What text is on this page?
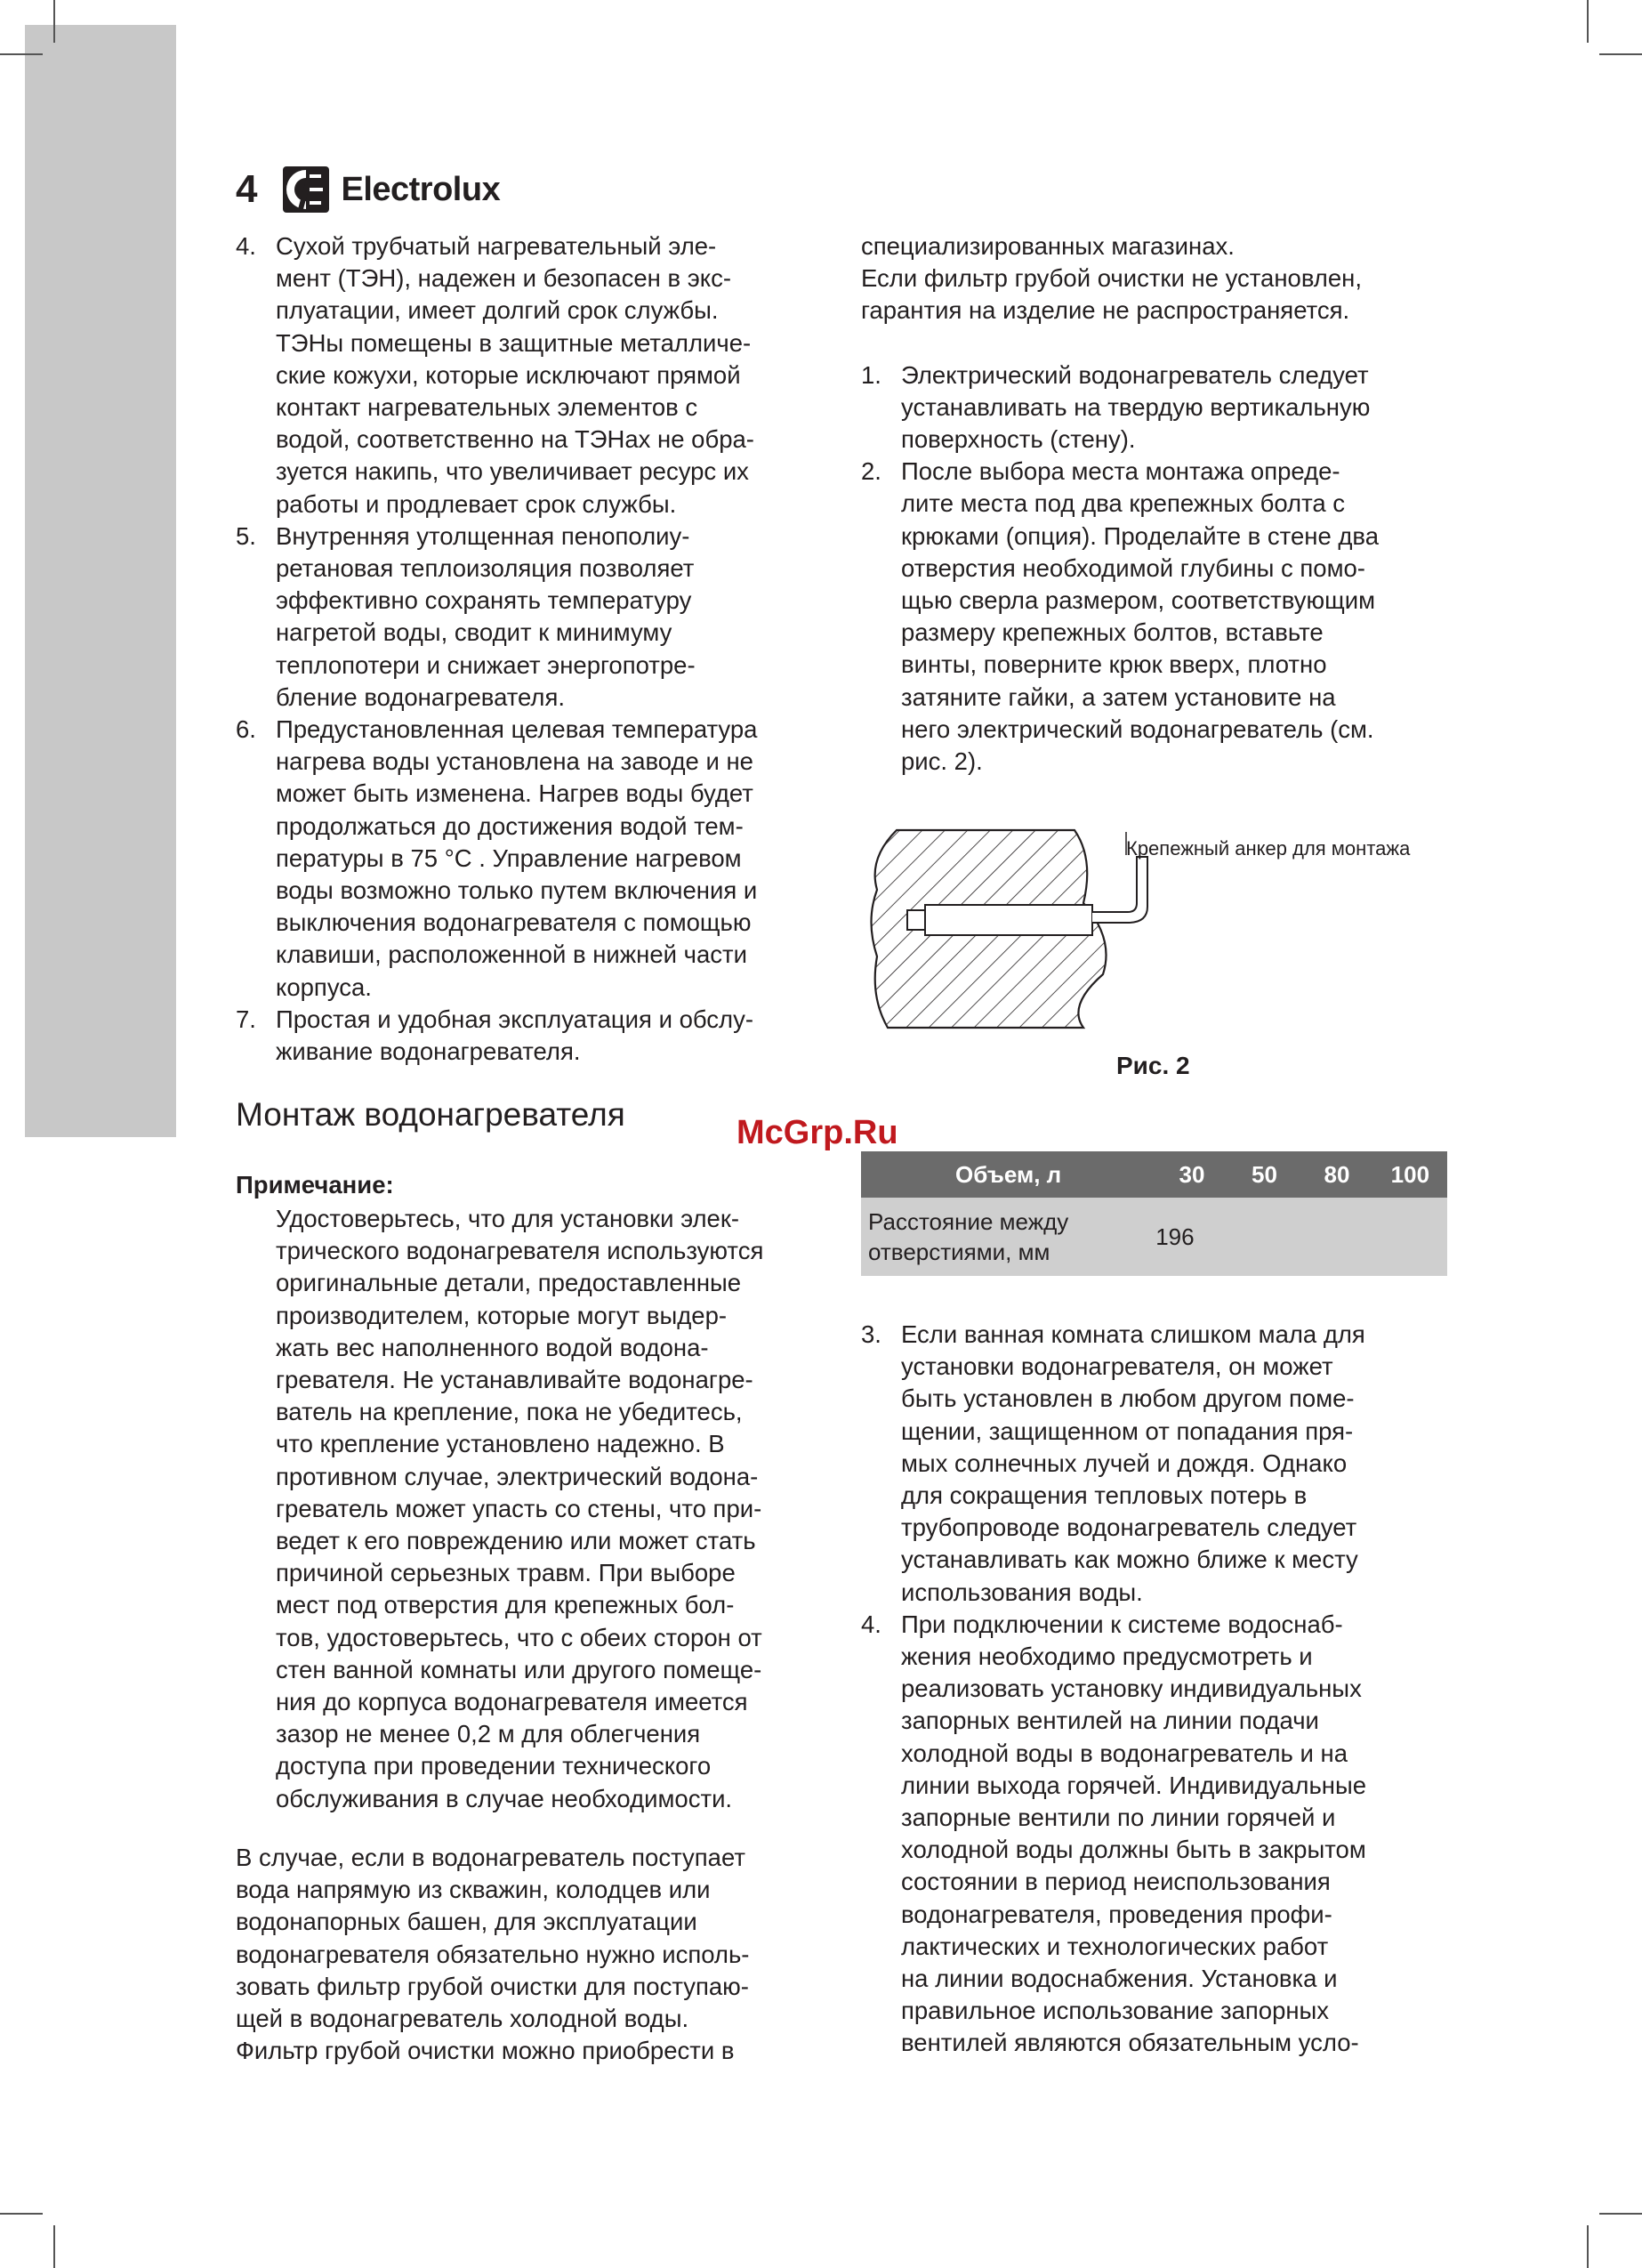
4 Electrolux
4. Сухой трубчатый нагревательный эле-
мент (ТЭН), надежен и безопасен в экс-
плуатации, имеет долгий срок службы.
ТЭНы помещены в защитные металличе-
ские кожухи, которые исключают прямой
контакт нагревательных элементов с
водой, соответственно на ТЭНах не обра-
зуется накипь, что увеличивает ресурс их
работы и продлевает срок службы.
5. Внутренняя утолщенная пенополиу-
ретановая теплоизоляция позволяет
эффективно сохранять температуру
нагретой воды, сводит к минимуму
теплопотери и снижает энергопотре-
бление водонагревателя.
6. Предустановленная целевая температура
нагрева воды установлена на заводе и не
может быть изменена. Нагрев воды будет
продолжаться до достижения водой тем-
пературы в 75 °С . Управление нагревом
воды возможно только путем включения и
выключения водонагревателя с помощью
клавиши, расположенной в нижней части
корпуса.
7. Простая и удобная эксплуатация и обслу-
живание водонагревателя.
Монтаж водонагревателя	McGrp.Ru
Примечание:
Удостоверьтесь, что для установки элек-
трического водонагревателя используются
оригинальные детали, предоставленные
производителем, которые могут выдер-
жать вес наполненного водой водона-
гревателя. Не устанавливайте водонагре-
ватель на крепление, пока не убедитесь,
что крепление установлено надежно. В
противном случае, электрический водона-
греватель может упасть со стены, что при-
ведет к его повреждению или может стать
причиной серьезных травм. При выборе
мест под отверстия для крепежных бол-
тов, удостоверьтесь, что с обеих сторон от
стен ванной комнаты или другого помеще-
ния до корпуса водонагревателя имеется
зазор не менее 0,2 м для облегчения
доступа при проведении технического
обслуживания в случае необходимости.
В случае, если в водонагреватель поступает
вода напрямую из скважин, колодцев или
водонапорных башен, для эксплуатации
водонагревателя обязательно нужно исполь-
зовать фильтр грубой очистки для поступаю-
щей в водонагреватель холодной воды.
Фильтр грубой очистки можно приобрести в

специализированных магазинах.
Если фильтр грубой очистки не установлен,
гарантия на изделие не распространяется.

1. Электрический водонагреватель следует
устанавливать на твердую вертикальную
поверхность (стену).
2. После выбора места монтажа опреде-
лите места под два крепежных болта с
крюками (опция). Проделайте в стене два
отверстия необходимой глубины с помо-
щью сверла размером, соответствующим
размеру крепежных болтов, вставьте
винты, поверните крюк вверх, плотно
затяните гайки, а затем установите на
него электрический водонагреватель (см.
рис. 2).
Крепежный анкер для монтажа
Рис. 2
Объем, л	30	50	80	100
Расстояние между
отверстиями, мм	196			
3. Если ванная комната слишком мала для
установки водонагревателя, он может
быть установлен в любом другом поме-
щении, защищенном от попадания пря-
мых солнечных лучей и дождя. Однако
для сокращения тепловых потерь в
трубопроводе водонагреватель следует
устанавливать как можно ближе к месту
использования воды.
4. При подключении к системе водоснаб-
жения необходимо предусмотреть и
реализовать установку индивидуальных
запорных вентилей на линии подачи
холодной воды в водонагреватель и на
линии выхода горячей. Индивидуальные
запорные вентили по линии горячей и
холодной воды должны быть в закрытом
состоянии в период неиспользования
водонагревателя, проведения профи-
лактических и технологических работ
на линии водоснабжения. Установка и
правильное использование запорных
вентилей являются обязательным усло-
